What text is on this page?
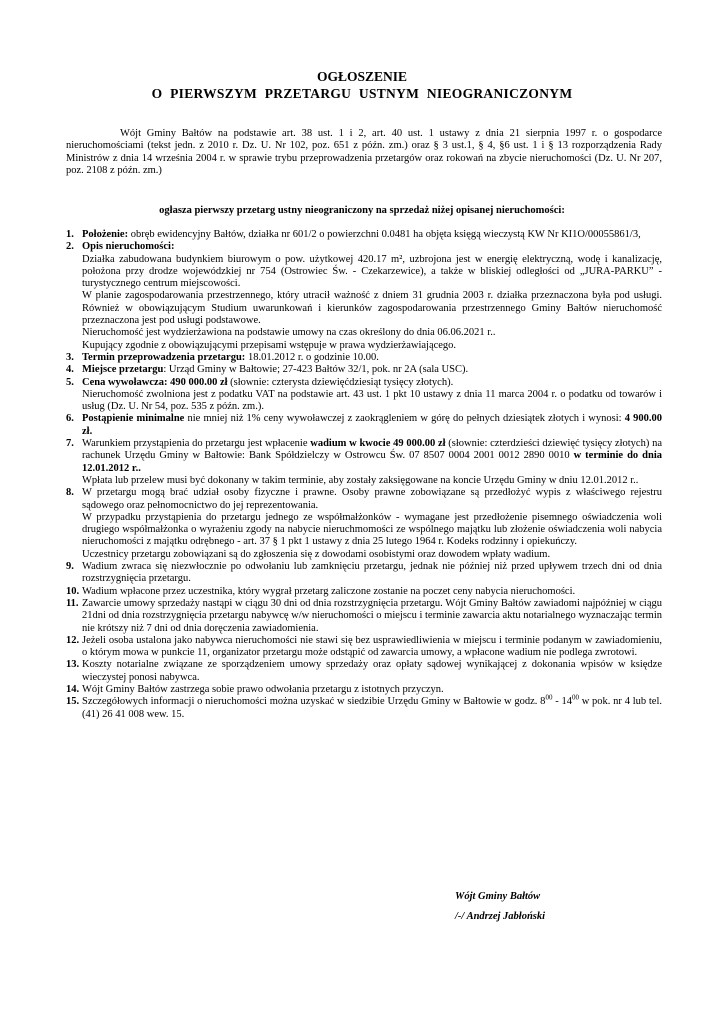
OGŁOSZENIE
O PIERWSZYM PRZETARGU USTNYM NIEOGRANICZONYM
Wójt Gminy Bałtów na podstawie art. 38 ust. 1 i 2, art. 40 ust. 1 ustawy z dnia 21 sierpnia 1997 r. o gospodarce nieruchomościami (tekst jedn. z 2010 r. Dz. U. Nr 102, poz. 651 z późn. zm.) oraz § 3 ust.1, § 4, §6 ust. 1 i § 13 rozporządzenia Rady Ministrów z dnia 14 września 2004 r. w sprawie trybu przeprowadzenia przetargów oraz rokowań na zbycie nieruchomości (Dz. U. Nr 207, poz. 2108 z późn. zm.)
ogłasza pierwszy przetarg ustny nieograniczony na sprzedaż niżej opisanej nieruchomości:
1. Położenie: obręb ewidencyjny Bałtów, działka nr 601/2 o powierzchni 0.0481 ha objęta księgą wieczystą KW Nr KI1O/00055861/3,
2. Opis nieruchomości:

Działka zabudowana budynkiem biurowym o pow. użytkowej 420.17 m², uzbrojona jest w energię elektryczną, wodę i kanalizację, położona przy drodze wojewódzkiej nr 754 (Ostrowiec Św. - Czekarzewice), a także w bliskiej odległości od „JURA-PARKU” - turystycznego centrum miejscowości.

W planie zagospodarowania przestrzennego, który utracił ważność z dniem 31 grudnia 2003 r. działka przeznaczona była pod usługi. Również w obowiązującym Studium uwarunkowań i kierunków zagospodarowania przestrzennego Gminy Bałtów nieruchomość przeznaczona jest pod usługi podstawowe.

Nieruchomość jest wydzierżawiona na podstawie umowy na czas określony do dnia 06.06.2021 r..

Kupujący zgodnie z obowiązującymi przepisami wstępuje w prawa wydzierżawiającego.

3. Termin przeprowadzenia przetargu: 18.01.2012 r. o godzinie 10.00.
4. Miejsce przetargu: Urząd Gminy w Bałtowie; 27-423 Bałtów 32/1, pok. nr 2A (sala USC).
5. Cena wywoławcza: 490 000.00 zł (słownie: czterysta dziewięćdziesiąt tysięcy złotych).

Nieruchomość zwolniona jest z podatku VAT na podstawie art. 43 ust. 1 pkt 10 ustawy z dnia 11 marca 2004 r. o podatku od towarów i usług (Dz. U. Nr 54, poz. 535 z późn. zm.).

6. Postąpienie minimalne nie mniej niż 1% ceny wywoławczej z zaokrągleniem w górę do pełnych dziesiątek złotych i wynosi: 4 900.00 zł.
7. Warunkiem przystąpienia do przetargu jest wpłacenie wadium w kwocie 49 000.00 zł (słownie: czterdzieści dziewięć tysięcy złotych) na rachunek Urzędu Gminy w Bałtowie: Bank Spółdzielczy w Ostrowcu Św. 07 8507 0004 2001 0012 2890 0010 w terminie do dnia 12.01.2012 r..

Wpłata lub przelew musi być dokonany w takim terminie, aby zostały zaksięgowane na koncie Urzędu Gminy w dniu 12.01.2012 r..

8. W przetargu mogą brać udział osoby fizyczne i prawne. Osoby prawne zobowiązane są przedłożyć wypis z właściwego rejestru sądowego oraz pełnomocnictwo do jej reprezentowania.

W przypadku przystąpienia do przetargu jednego ze współmałżonków - wymagane jest przedłożenie pisemnego oświadczenia woli drugiego współmałżonka o wyrażeniu zgody na nabycie nieruchmomości ze wspólnego majątku lub złożenie oświadczenia woli nabycia nieruchomości z majątku odrębnego - art. 37 § 1 pkt 1 ustawy z dnia 25 lutego 1964 r. Kodeks rodzinny i opiekuńczy.

Uczestnicy przetargu zobowiązani są do zgłoszenia się z dowodami osobistymi oraz dowodem wpłaty wadium.

9. Wadium zwraca się niezwłocznie po odwołaniu lub zamknięciu przetargu, jednak nie później niż przed upływem trzech dni od dnia rozstrzygnięcia przetargu.
10. Wadium wpłacone przez uczestnika, który wygrał przetarg zaliczone zostanie na poczet ceny nabycia nieruchomości.
11. Zawarcie umowy sprzedaży nastąpi w ciągu 30 dni od dnia rozstrzygnięcia przetargu. Wójt Gminy Bałtów zawiadomi najpóźniej w ciągu 21dni od dnia rozstrzygnięcia przetargu nabywcę w/w nieruchomości o miejscu i terminie zawarcia aktu notarialnego wyznaczając termin nie krótszy niż 7 dni od dnia doręczenia zawiadomienia.
12. Jeżeli osoba ustalona jako nabywca nieruchomości nie stawi się bez usprawiedliwienia w miejscu i terminie podanym w zawiadomieniu, o którym mowa w punkcie 11, organizator przetargu może odstąpić od zawarcia umowy, a wpłacone wadium nie podlega zwrotowi.
13. Koszty notarialne związane ze sporządzeniem umowy sprzedaży oraz opłaty sądowej wynikającej z dokonania wpisów w księdze wieczystej ponosi nabywca.
14. Wójt Gminy Bałtów zastrzega sobie prawo odwołania przetargu z istotnych przyczyn.
15. Szczegółowych informacji o nieruchomości można uzyskać w siedzibie Urzędu Gminy w Bałtowie w godz. $8^{00} - 14^{00}$ w pok. nr 4 lub tel. (41) 26 41 008 wew. 15.
Wójt Gminy Bałtów
/-/ Andrzej Jabłoński
